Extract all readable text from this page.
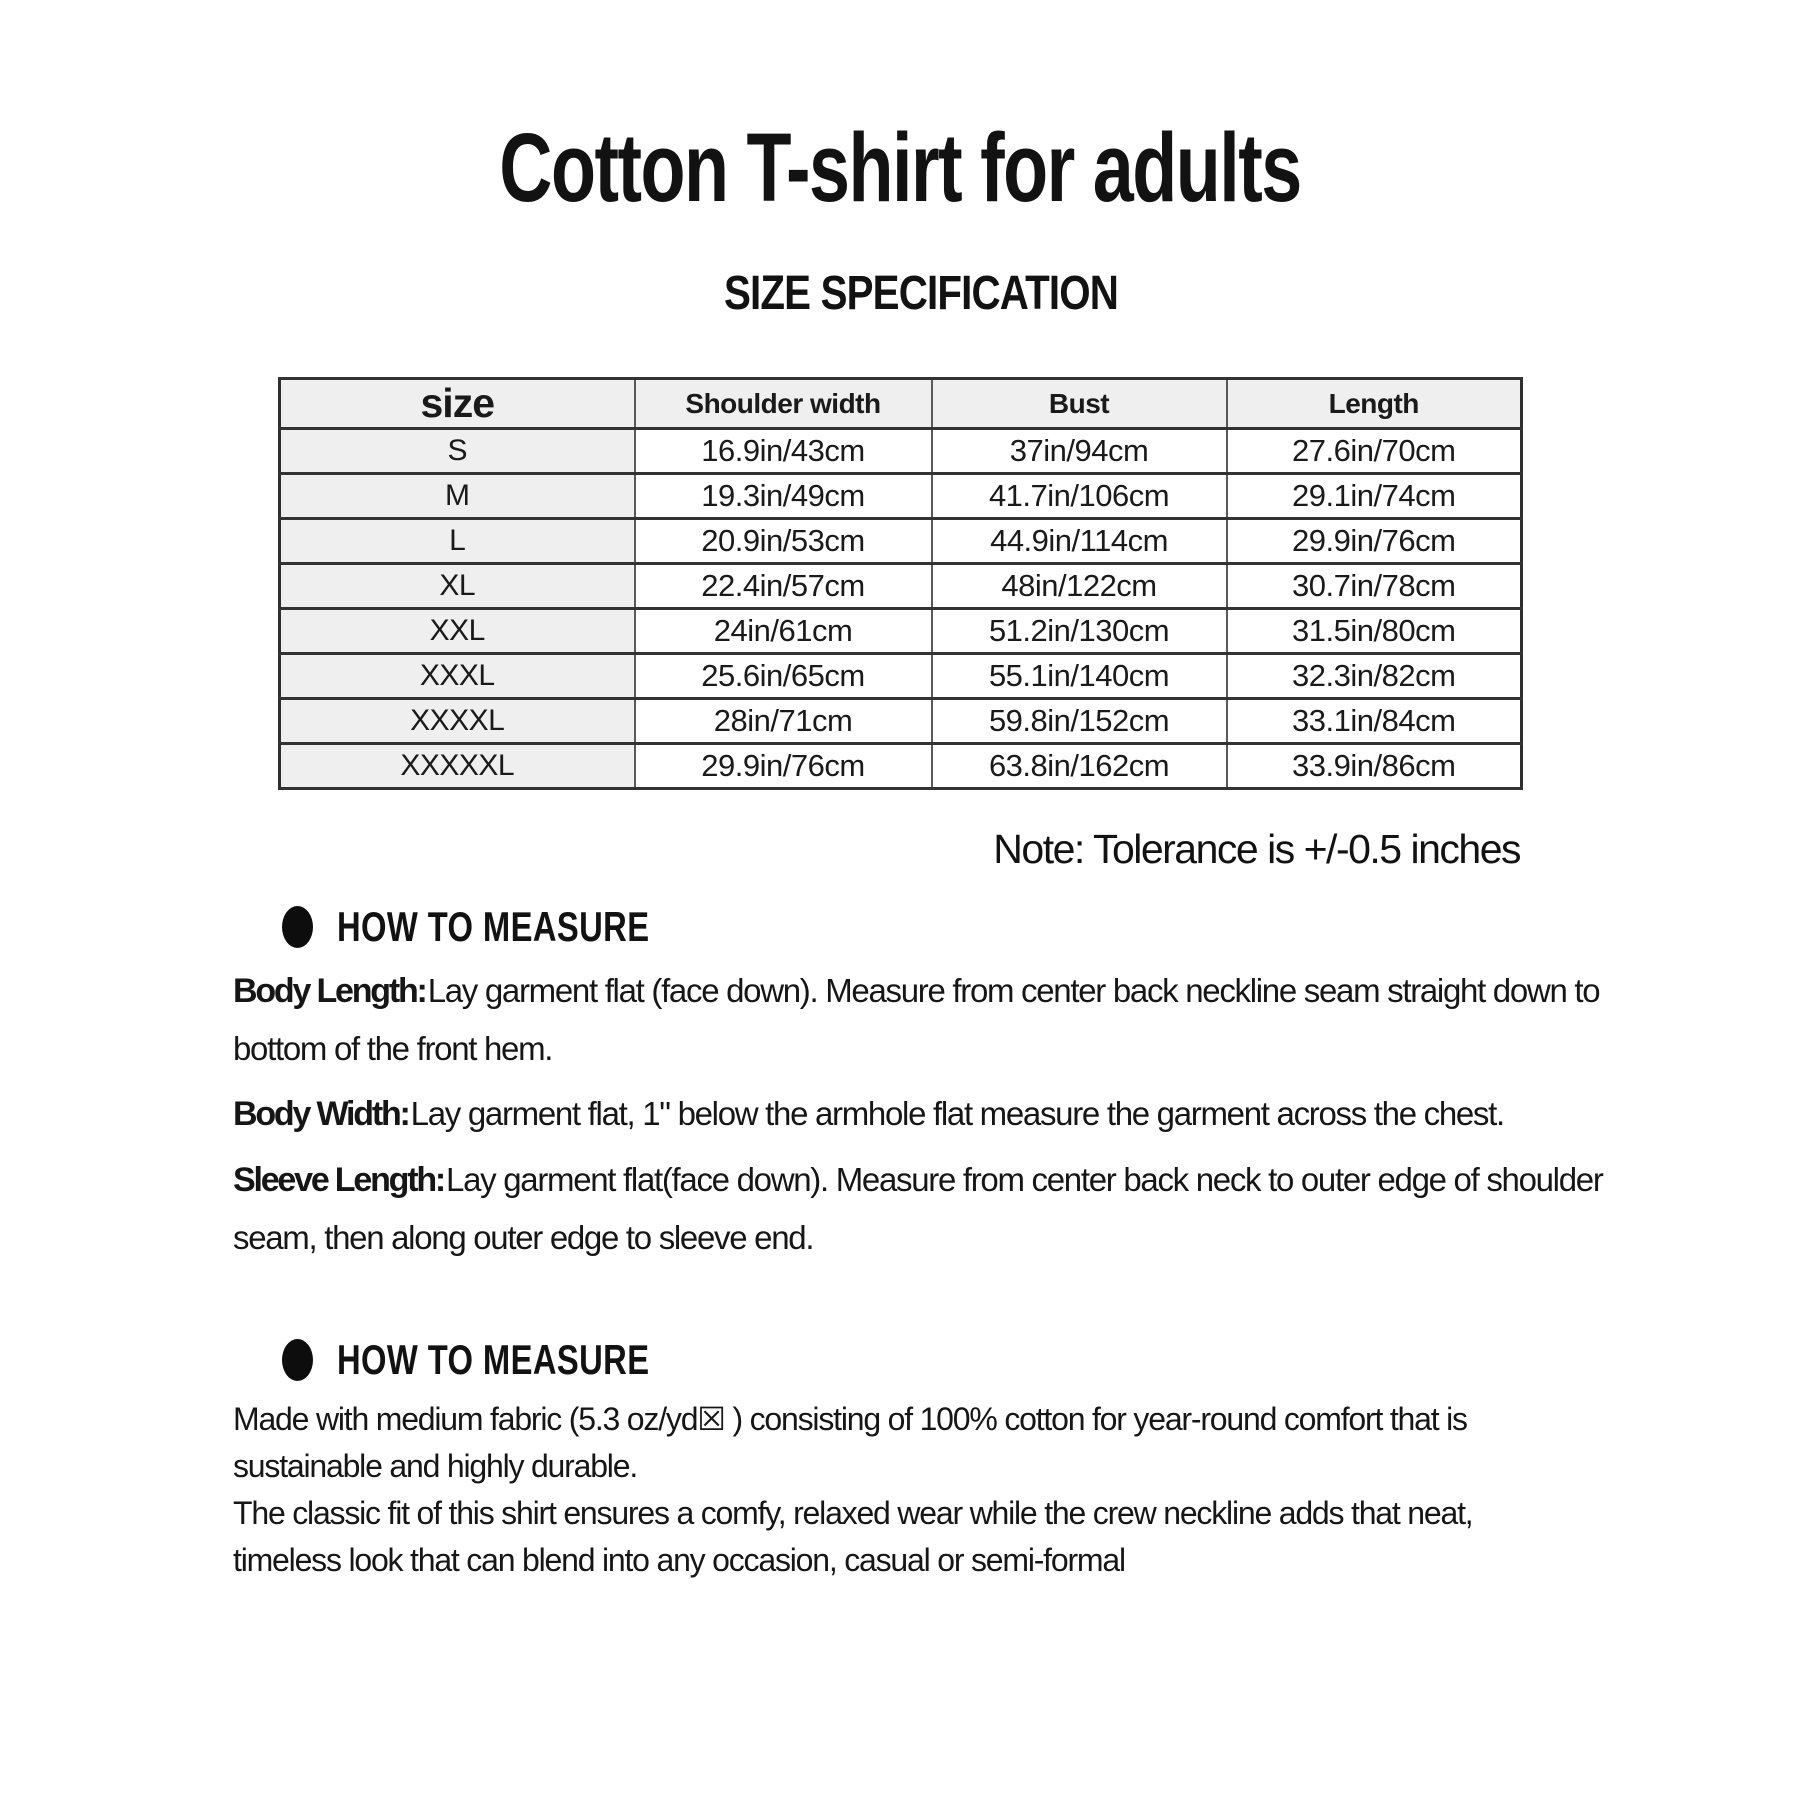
Cotton T-shirt for adults
SIZE SPECIFICATION
size	Shoulder width	Bust	Length
S	16.9in/43cm	37in/94cm	27.6in/70cm
M	19.3in/49cm	41.7in/106cm	29.1in/74cm
L	20.9in/53cm	44.9in/114cm	29.9in/76cm
XL	22.4in/57cm	48in/122cm	30.7in/78cm
XXL	24in/61cm	51.2in/130cm	31.5in/80cm
XXXL	25.6in/65cm	55.1in/140cm	32.3in/82cm
XXXXL	28in/71cm	59.8in/152cm	33.1in/84cm
XXXXXL	29.9in/76cm	63.8in/162cm	33.9in/86cm
Note: Tolerance is +/-0.5 inches
HOW TO MEASURE
Body Length:Lay garment flat (face down). Measure from center back neckline seam straight down to
bottom of the front hem.
Body Width:Lay garment flat, 1" below the armhole flat measure the garment across the chest.
Sleeve Length:Lay garment flat(face down). Measure from center back neck to outer edge of shoulder
seam, then along outer edge to sleeve end.
HOW TO MEASURE
Made with medium fabric (5.3 oz/yd☒ ) consisting of 100% cotton for year-round comfort that is
sustainable and highly durable.
The classic fit of this shirt ensures a comfy, relaxed wear while the crew neckline adds that neat,
timeless look that can blend into any occasion, casual or semi-formal
